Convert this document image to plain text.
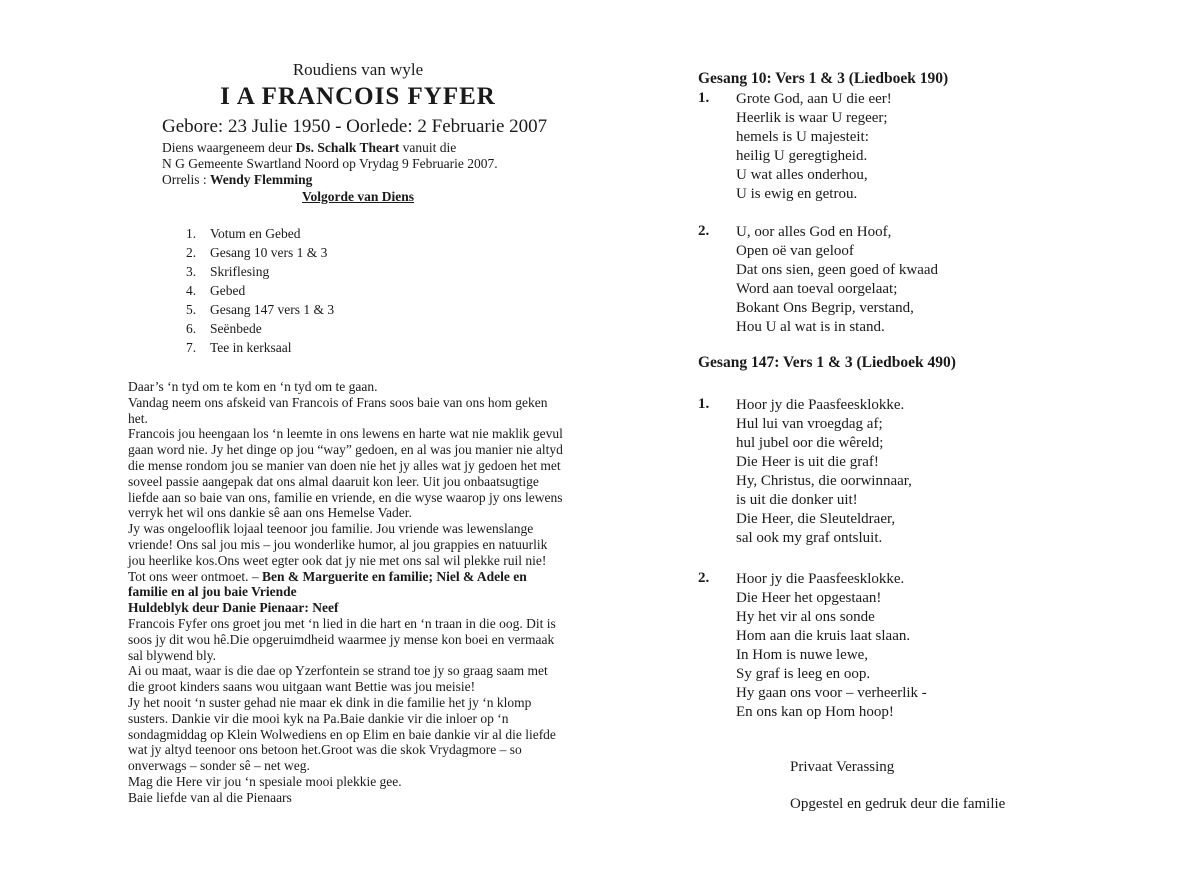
Roudiens van wyle
I A FRANCOIS FYFER
Gebore: 23 Julie 1950 - Oorlede: 2 Februarie 2007
Diens waargeneem deur Ds. Schalk Theart vanuit die
N G Gemeente Swartland Noord op Vrydag 9 Februarie 2007.
Orrelis : Wendy Flemming
Volgorde van Diens
1.	Votum en Gebed
2.	Gesang 10 vers 1 & 3
3.	Skriflesing
4.	Gebed
5.	Gesang 147 vers 1 & 3
6.	Seënbede
7.	Tee in kerksaal

Daar’s ‘n tyd om te kom en ‘n tyd om te gaan.

Vandag neem ons afskeid van Francois of Frans soos baie van ons hom geken het.

Francois jou heengaan los ‘n leemte in ons lewens en harte wat nie maklik gevul gaan word nie. Jy het dinge op jou “way” gedoen, en al was jou manier nie altyd die mense rondom jou se manier van doen nie het jy alles wat jy gedoen het met soveel passie aangepak dat ons almal daaruit kon leer. Uit jou onbaatsugtige liefde aan so baie van ons, familie en vriende, en die wyse waarop jy ons lewens verryk het wil ons dankie sê aan ons Hemelse Vader.

Jy was ongelooflik lojaal teenoor jou familie. Jou vriende was lewenslange vriende! Ons sal jou mis – jou wonderlike humor, al jou grappies en natuurlik jou heerlike kos.Ons weet egter ook dat jy nie met ons sal wil plekke ruil nie! Tot ons weer ontmoet. – Ben & Marguerite en familie; Niel & Adele en familie en al jou baie Vriende

Huldeblyk deur Danie Pienaar: Neef

Francois Fyfer ons groet jou met ‘n lied in die hart en ‘n traan in die oog. Dit is soos jy dit wou hê.Die opgeruimdheid waarmee jy mense kon boei en vermaak sal blywend bly.

Ai ou maat, waar is die dae op Yzerfontein se strand toe jy so graag saam met die groot kinders saans wou uitgaan want Bettie was jou meisie!

Jy het nooit ‘n suster gehad nie maar ek dink in die familie het jy ‘n klomp susters. Dankie vir die mooi kyk na Pa.Baie dankie vir die inloer op ‘n sondagmiddag op Klein Wolwediens en op Elim en baie dankie vir al die liefde wat jy altyd teenoor ons betoon het.Groot was die skok Vrydagmore – so onverwags – sonder sê – net weg.

Mag die Here vir jou ‘n spesiale mooi plekkie gee.

Baie liefde van al die Pienaars

Gesang 10: Vers 1 & 3 (Liedboek 190)
1.	Grote God, aan U die eer!
Heerlik is waar U regeer;
hemels is U majesteit:
heilig U geregtigheid.
U wat alles onderhou,
U is ewig en getrou.
2.	U, oor alles God en Hoof,
Open oë van geloof
Dat ons sien, geen goed of kwaad
Word aan toeval oorgelaat;
Bokant Ons Begrip, verstand,
Hou U al wat is in stand.
Gesang 147: Vers 1 & 3 (Liedboek 490)
1.	Hoor jy die Paasfeesklokke.
Hul lui van vroegdag af;
hul jubel oor die wêreld;
Die Heer is uit die graf!
Hy, Christus, die oorwinnaar,
is uit die donker uit!
Die Heer, die Sleuteldraer,
sal ook my graf ontsluit.
2.	Hoor jy die Paasfeesklokke.
Die Heer het opgestaan!
Hy het vir al ons sonde
Hom aan die kruis laat slaan.
In Hom is nuwe lewe,
Sy graf is leeg en oop.
Hy gaan ons voor – verheerlik -
En ons kan op Hom hoop!
Privaat Verassing
Opgestel en gedruk deur die familie
